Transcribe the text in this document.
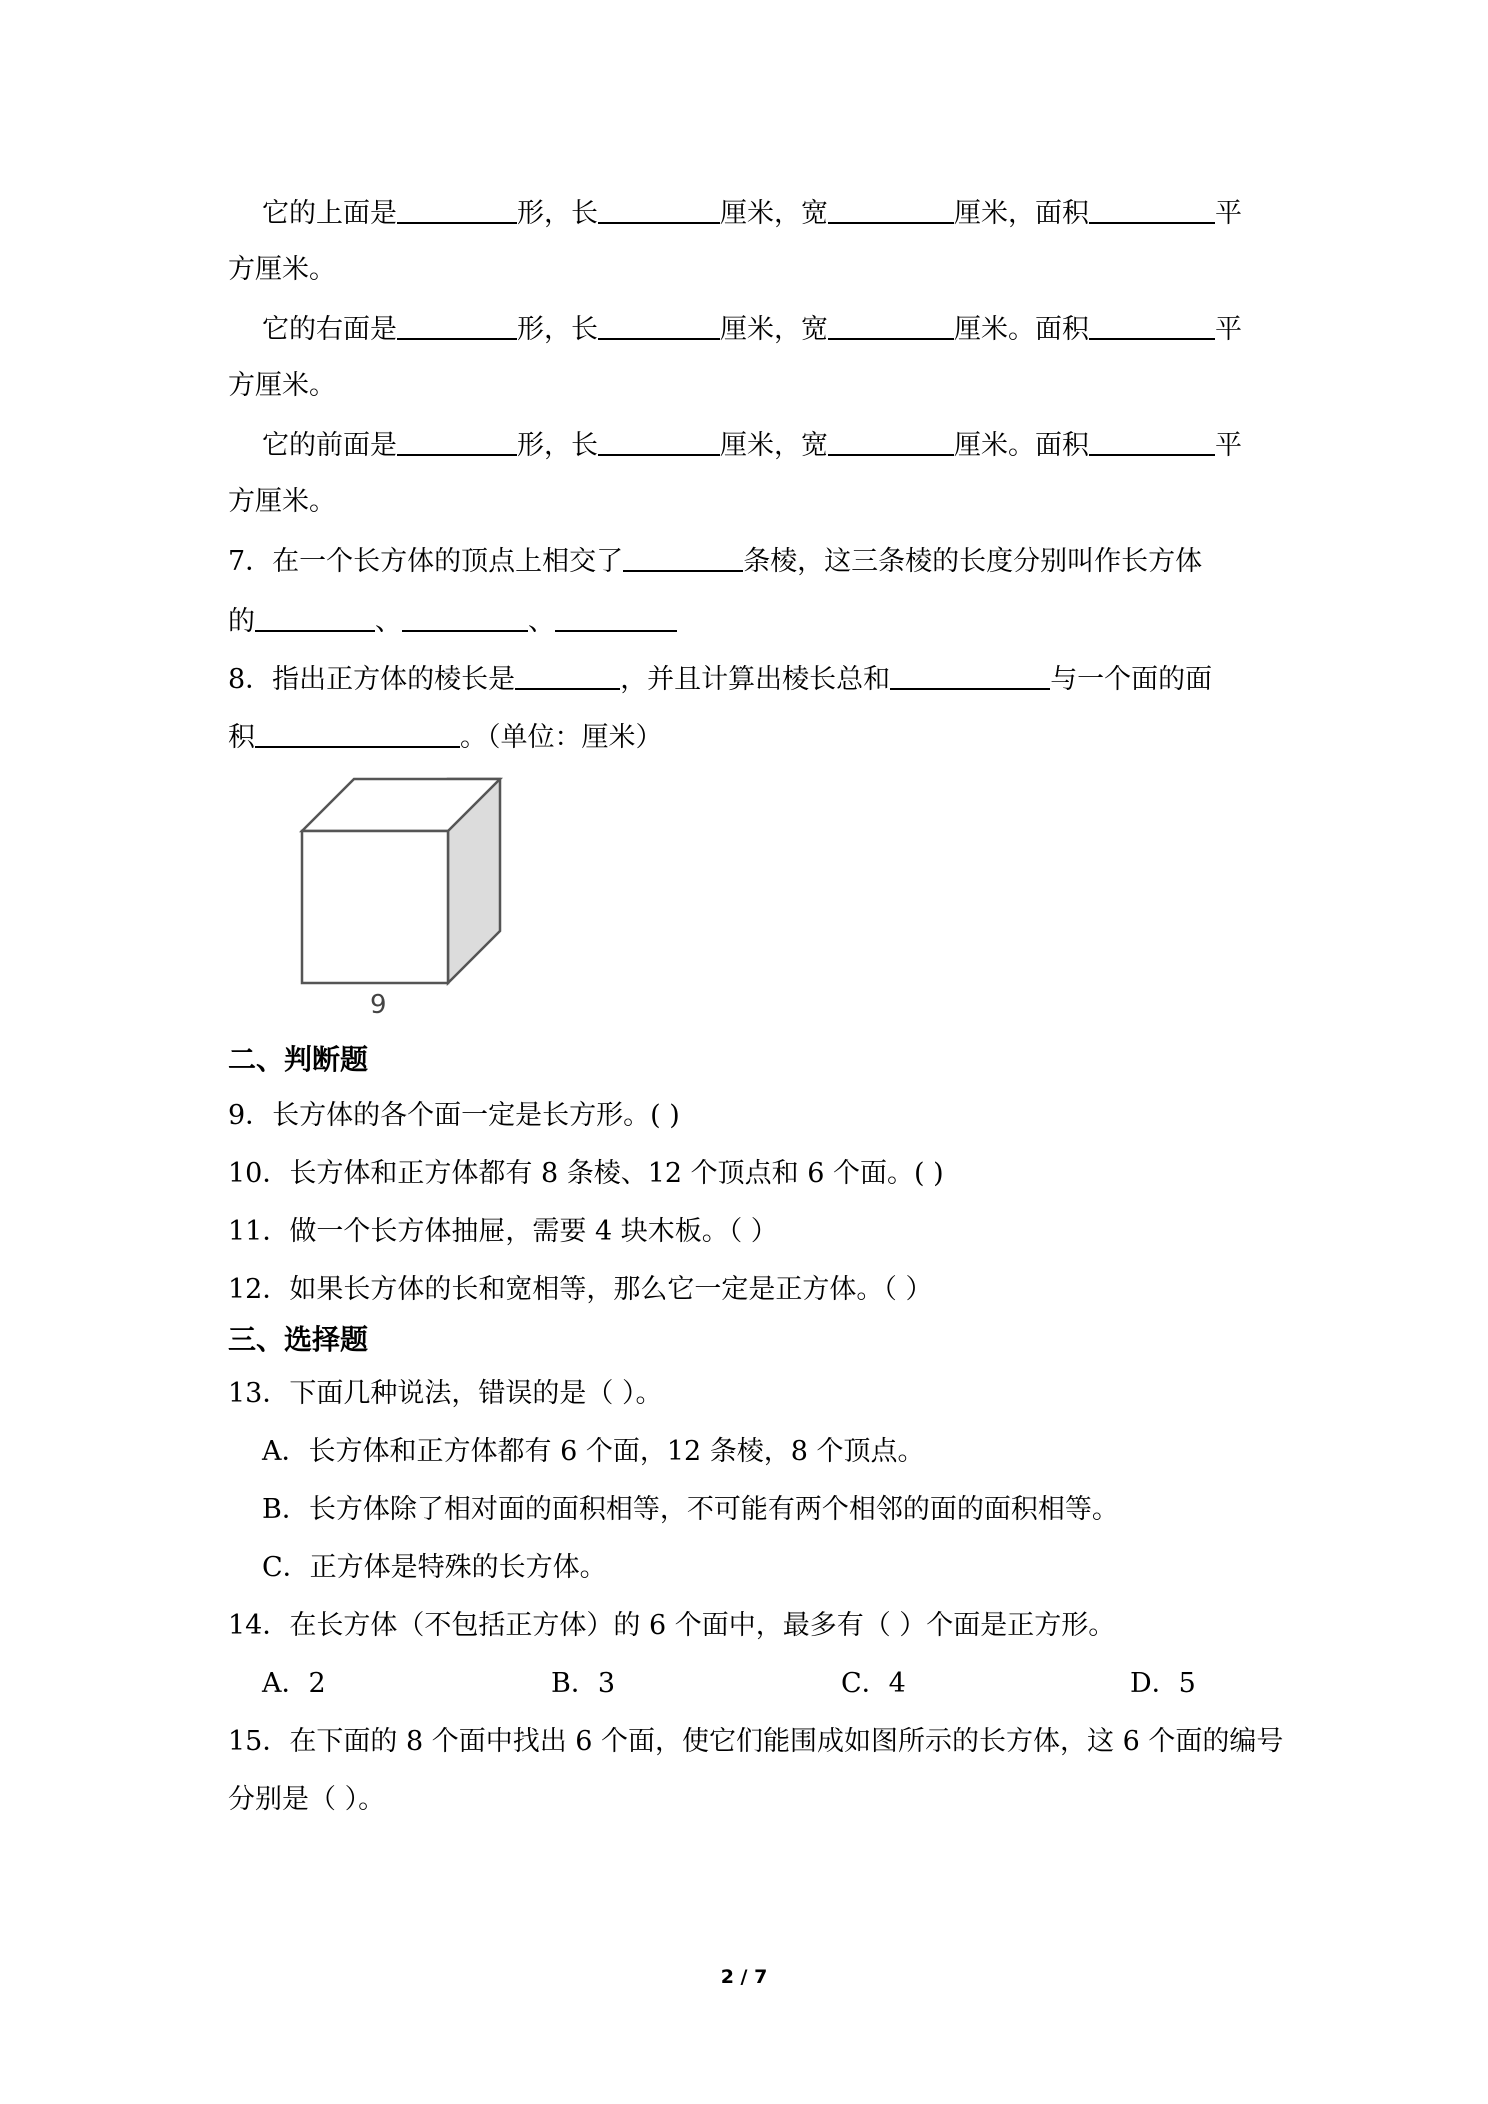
它的上面是	形，长	厘米，宽	厘米，面积	平
方厘米。
它的右面是	形，长	厘米，宽	厘米。面积	平
方厘米。
它的前面是	形，长	厘米，宽	厘米。面积	平
方厘米。
7．在一个长方体的顶点上相交了	条棱，这三条棱的长度分别叫作长方体
的	、	、
8．指出正方体的棱长是	，并且计算出棱长总和	与一个面的面
积	。（单位：厘米）
9
二、判断题
9．长方体的各个面一定是长方形。( )
10．长方体和正方体都有 8 条棱、12 个顶点和 6 个面。( )
11．做一个长方体抽屉，需要 4 块木板。（ ）
12．如果长方体的长和宽相等，那么它一定是正方体。（ ）
三、选择题
13．下面几种说法，错误的是（ ）。
A．长方体和正方体都有 6 个面，12 条棱，8 个顶点。
B．长方体除了相对面的面积相等，不可能有两个相邻的面的面积相等。
C．正方体是特殊的长方体。
14．在长方体（不包括正方体）的 6 个面中，最多有（ ）个面是正方形。
A．2	B．3	C．4	D．5
15．在下面的 8 个面中找出 6 个面，使它们能围成如图所示的长方体，这 6 个面的编号
分别是（ ）。
2 / 7
